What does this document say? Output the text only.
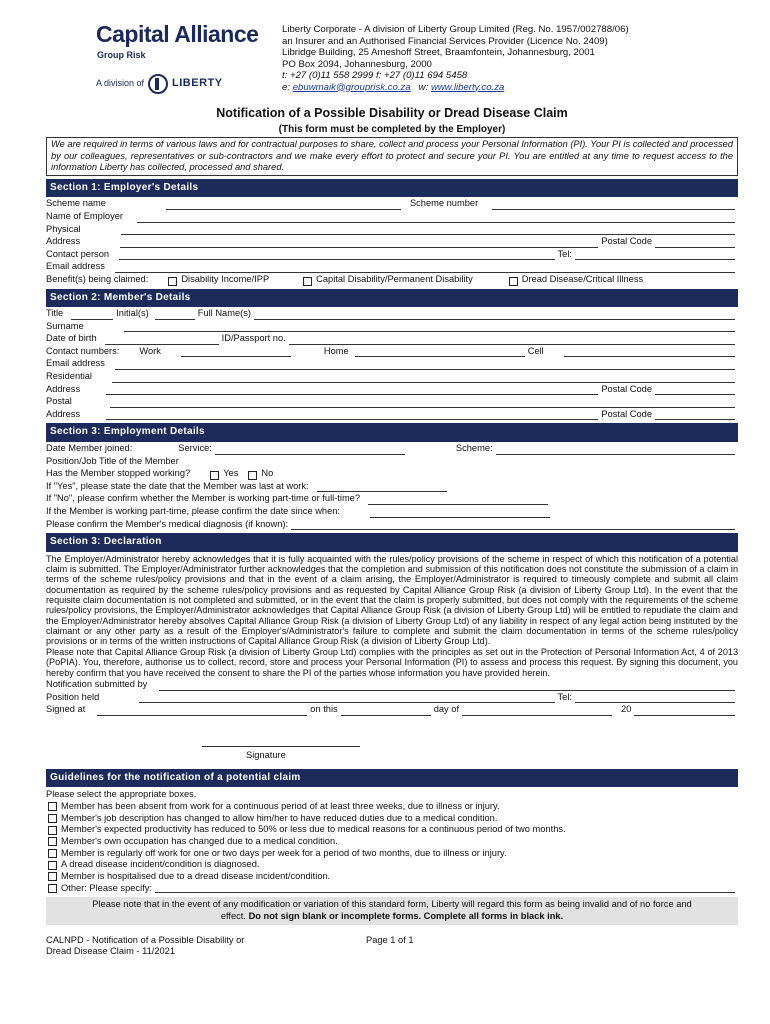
Capital Alliance
Group Risk
A division of	LIBERTY
Liberty Corporate - A division of Liberty Group Limited (Reg. No. 1957/002788/06)
an Insurer and an Authorised Financial Services Provider (Licence No. 2409)
Libridge Building, 25 Ameshoff Street, Braamfontein, Johannesburg, 2001
PO Box 2094, Johannesburg, 2000
t: +27 (0)11 558 2999 f: +27 (0)11 694 5458
e: ebuwmaik@grouprisk.co.za w: www.liberty.co.za
Notification of a Possible Disability or Dread Disease Claim
(This form must be completed by the Employer)
We are required in terms of various laws and for contractual purposes to share, collect and process your Personal Information (PI). Your PI is collected and processed by our colleagues, representatives or sub-contractors and we make every effort to protect and secure your PI. You are entitled at any time to request access to the information Liberty has collected, processed and shared.
Section 1: Employer's Details
Scheme name	Scheme number
Name of Employer
Physical
Address	Postal Code
Contact person	Tel:
Email address
Benefit(s) being claimed:	Disability Income/IPP	Capital Disability/Permanent Disability	Dread Disease/Critical Illness
Section 2: Member's Details
Title	Initial(s)	Full Name(s)
Surname
Date of birth	ID/Passport no.
Contact numbers: Work	Home	Cell
Email address
Residential
Address	Postal Code
Postal
Address	Postal Code
Section 3: Employment Details
Date Member joined:	Service:	Scheme:
Position/Job Title of the Member
Has the Member stopped working?	Yes No
If "Yes", please state the date that the Member was last at work:
If "No", please confirm whether the Member is working part-time or full-time?
If the Member is working part-time, please confirm the date since when:
Please confirm the Member's medical diagnosis (if known):
Section 3: Declaration
The Employer/Administrator hereby acknowledges that it is fully acquainted with the rules/policy provisions of the scheme in respect of which this notification of a potential claim is submitted. The Employer/Administrator further acknowledges that the completion and submission of this notification does not constitute the submission of a claim in terms of the scheme rules/policy provisions and that in the event of a claim arising, the Employer/Administrator is required to timeously complete and submit all claim documentation as required by the scheme rules/policy provisions and as requested by Capital Alliance Group Risk (a division of Liberty Group Ltd). In the event that the requisite claim documentation is not completed and submitted, or in the event that the claim is properly submitted, but does not comply with the requirements of the scheme rules/policy provisions, the Employer/Administrator acknowledges that Capital Alliance Group Risk (a division of Liberty Group Ltd) will be entitled to repudiate the claim and the Employer/Administrator hereby absolves Capital Alliance Group Risk (a division of Liberty Group Ltd) of any liability in respect of any legal action being instituted by the claimant or any other party as a result of the Employer's/Administrator's failure to complete and submit the claim documentation in terms of the scheme rules/policy provisions or in terms of the written instructions of Capital Alliance Group Risk (a division of Liberty Group Ltd).
Please note that Capital Alliance Group Risk (a division of Liberty Group Ltd) complies with the principles as set out in the Protection of Personal Information Act, 4 of 2013 (PoPIA). You, therefore, authorise us to collect, record, store and process your Personal Information (PI) to assess and process this request. By signing this document, you hereby confirm that you have received the consent to share the PI of the parties whose information you have provided herein.
Notification submitted by
Position held	Tel:
Signed at	on this	day of	20
Signature
Guidelines for the notification of a potential claim
Please select the appropriate boxes.
Member has been absent from work for a continuous period of at least three weeks, due to illness or injury.
Member's job description has changed to allow him/her to have reduced duties due to a medical condition.
Member's expected productivity has reduced to 50% or less due to medical reasons for a continuous period of two months.
Member's own occupation has changed due to a medical condition.
Member is regularly off work for one or two days per week for a period of two months, due to illness or injury.
A dread disease incident/condition is diagnosed.
Member is hospitalised due to a dread disease incident/condition.
Other: Please specify:
Please note that in the event of any modification or variation of this standard form, Liberty will regard this form as being invalid and of no force and
effect. Do not sign blank or incomplete forms. Complete all forms in black ink.
CALNPD - Notification of a Possible Disability or
Dread Disease Claim - 11/2021
Page 1 of 1
